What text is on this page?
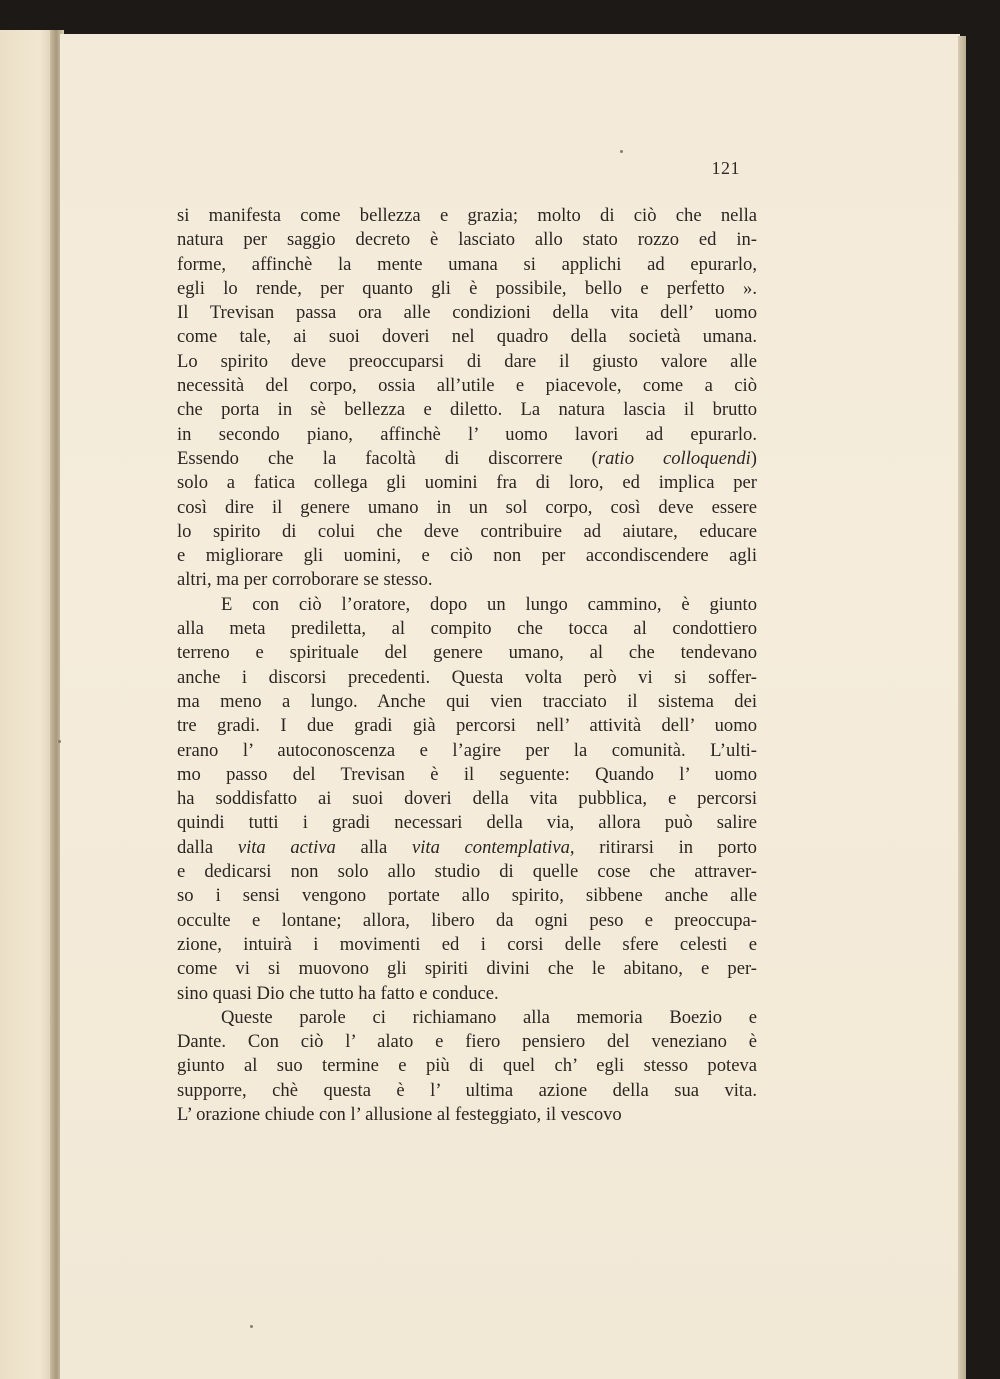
121
si manifesta come bellezza e grazia; molto di ciò che nella
natura per saggio decreto è lasciato allo stato rozzo ed in-
forme, affinchè la mente umana si applichi ad epurarlo,
egli lo rende, per quanto gli è possibile, bello e perfetto ».
Il Trevisan passa ora alle condizioni della vita dell’ uomo
come tale, ai suoi doveri nel quadro della società umana.
Lo spirito deve preoccuparsi di dare il giusto valore alle
necessità del corpo, ossia all’utile e piacevole, come a ciò
che porta in sè bellezza e diletto. La natura lascia il brutto
in secondo piano, affinchè l’ uomo lavori ad epurarlo.
Essendo che la facoltà di discorrere (ratio colloquendi)
solo a fatica collega gli uomini fra di loro, ed implica per
così dire il genere umano in un sol corpo, così deve essere
lo spirito di colui che deve contribuire ad aiutare, educare
e migliorare gli uomini, e ciò non per accondiscendere agli
altri, ma per corroborare se stesso.
E con ciò l’oratore, dopo un lungo cammino, è giunto
alla meta prediletta, al compito che tocca al condottiero
terreno e spirituale del genere umano, al che tendevano
anche i discorsi precedenti. Questa volta però vi si soffer-
ma meno a lungo. Anche qui vien tracciato il sistema dei
tre gradi. I due gradi già percorsi nell’ attività dell’ uomo
erano l’ autoconoscenza e l’agire per la comunità. L’ulti-
mo passo del Trevisan è il seguente: Quando l’ uomo
ha soddisfatto ai suoi doveri della vita pubblica, e percorsi
quindi tutti i gradi necessari della via, allora può salire
dalla vita activa alla vita contemplativa, ritirarsi in porto
e dedicarsi non solo allo studio di quelle cose che attraver-
so i sensi vengono portate allo spirito, sibbene anche alle
occulte e lontane; allora, libero da ogni peso e preoccupa-
zione, intuirà i movimenti ed i corsi delle sfere celesti e
come vi si muovono gli spiriti divini che le abitano, e per-
sino quasi Dio che tutto ha fatto e conduce.
Queste parole ci richiamano alla memoria Boezio e
Dante. Con ciò l’ alato e fiero pensiero del veneziano è
giunto al suo termine e più di quel ch’ egli stesso poteva
supporre, chè questa è l’ ultima azione della sua vita.
L’ orazione chiude con l’ allusione al festeggiato, il vescovo
